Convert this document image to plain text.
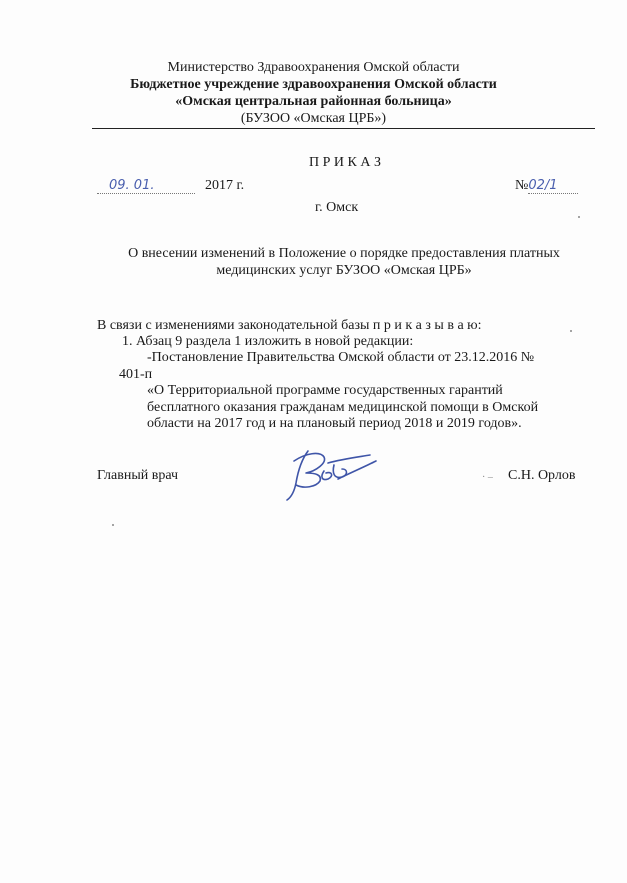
Министерство Здравоохранения Омской области
Бюджетное учреждение здравоохранения Омской области
«Омская центральная районная больница»
(БУЗОО «Омская ЦРБ»)
П Р И К А З
09. 01.	2017 г.	№02/1
г. Омск
О внесении изменений в Положение о порядке предоставления платных
медицинских услуг БУЗОО «Омская ЦРБ»
В связи с изменениями законодательной базы п р и к а з ы в а ю:
1. Абзац 9 раздела 1 изложить в новой редакции:
-Постановление Правительства Омской области от 23.12.2016 №
401-п
«О Территориальной программе государственных гарантий
бесплатного оказания гражданам медицинской помощи в Омской
области на 2017 год и на плановый период 2018 и 2019 годов».
Главный врач	· – С.Н. Орлов
